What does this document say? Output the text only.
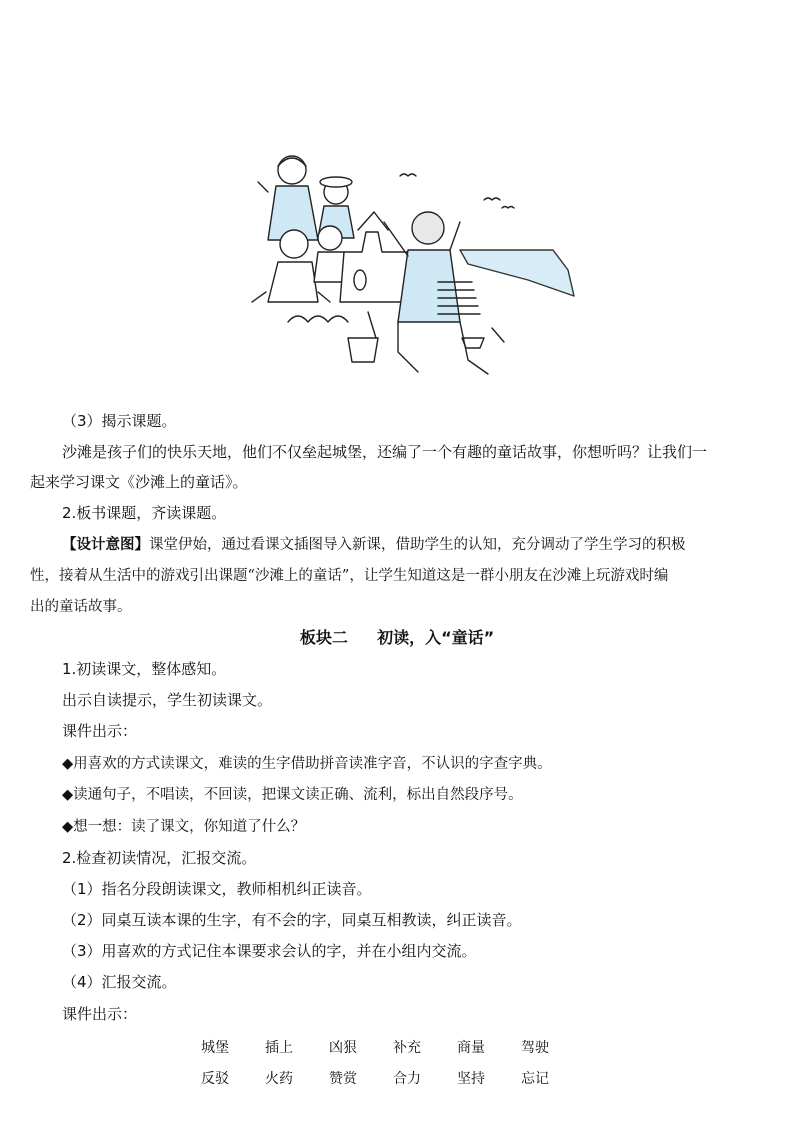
（3）揭示课题。
沙滩是孩子们的快乐天地，他们不仅垒起城堡，还编了一个有趣的童话故事，你想听吗？让我们一
起来学习课文《沙滩上的童话》。
2.板书课题，齐读课题。
【设计意图】课堂伊始，通过看课文插图导入新课，借助学生的认知，充分调动了学生学习的积极
性，接着从生活中的游戏引出课题“沙滩上的童话”，让学生知道这是一群小朋友在沙滩上玩游戏时编
出的童话故事。
板块二 初读，入“童话”
1.初读课文，整体感知。
出示自读提示，学生初读课文。
课件出示：
◆用喜欢的方式读课文，难读的生字借助拼音读准字音，不认识的字查字典。
◆读通句子，不唱读，不回读，把课文读正确、流利，标出自然段序号。
◆想一想：读了课文，你知道了什么？
2.检查初读情况，汇报交流。
（1）指名分段朗读课文，教师相机纠正读音。
（2）同桌互读本课的生字，有不会的字，同桌互相教读，纠正读音。
（3）用喜欢的方式记住本课要求会认的字，并在小组内交流。
（4）汇报交流。
课件出示：
城堡	插上	凶狠	补充	商量	驾驶
反驳	火药	赞赏	合力	坚持	忘记
